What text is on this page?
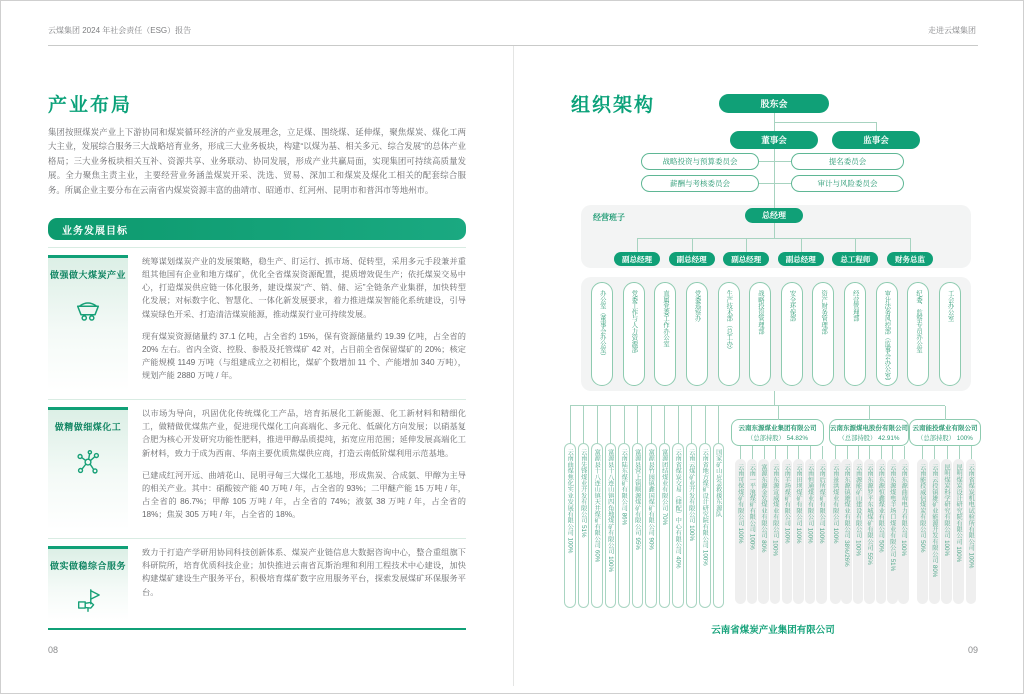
云煤集团 2024 年社会责任（ESG）报告	走进云煤集团
产业布局

集团按照煤炭产业上下游协同和煤炭循环经济的产业发展理念，立足煤、围绕煤、延伸煤，聚焦煤炭、煤化工两大主业，发展综合服务三大战略培育业务，形成三大业务板块，构建“以煤为基、相关多元、综合发展”的总体产业格局；三大业务板块相关互补、资源共享、业务联动、协同发展，形成产业共赢局面，实现集团可持续高质量发展。全力聚焦主责主业，主要经营业务涵盖煤炭开采、洗选、贸易、深加工和煤炭及煤化工相关的配套综合服务。所属企业主要分布在云南省内煤炭资源丰富的曲靖市、昭通市、红河州、昆明市和普洱市等地州市。

业务发展目标
做强做大煤炭产业

统筹谋划煤炭产业的发展策略，稳生产、盯运行、抓市场、促转型，采用多元手段兼并重组其他国有企业和地方煤矿，优化全省煤炭资源配置，提质增效促生产；依托煤炭交易中心，打造煤炭供应链一体化服务，建设煤炭“产、销、储、运”全链条产业集群，加快转型化发展；对标数字化、智慧化、一体化新发展要求，着力推进煤炭智能化系统建设，引导煤炭绿色开采、打造清洁煤炭能源，推动煤炭行业可持续发展。

现有煤炭资源储量约 37.1 亿吨，占全省约 15%，保有资源储量约 19.39 亿吨，占全省的 20% 左右。省内全资、控股、参股及托管煤矿 42 对，占目前全省保留煤矿的 20%；核定产能规模 1149 万吨（与组建成立之初相比，煤矿个数增加 11 个、产能增加 340 万吨），规划产能 2880 万吨 / 年。

做精做细煤化工

以市场为导向，巩固优化传统煤化工产品，培育拓展化工新能源、化工新材料和精细化工，做精做优煤焦产业，促进现代煤化工向高端化、多元化、低碳化方向发展；以硝基复合肥为核心开发研究功能性肥料，推进甲醇品质提纯，拓宽应用范围；延伸发展高端化工新材料，致力于成为西南、华南主要优质焦煤供应商，打造云南低阶煤利用示范基地。

已建成红河开远、曲靖花山、昆明寻甸三大煤化工基地，形成焦炭、合成氨、甲醇为主导的相关产业。其中：硝酸铵产能 40 万吨 / 年，占全省的 93%；二甲醚产能 15 万吨 / 年，占全省的 86.7%；甲醇 105 万吨 / 年，占全省的 74%；液氨 38 万吨 / 年，占全省的 18%；焦炭 305 万吨 / 年，占全省的 18%。

做实做稳综合服务

致力于打造产学研用协同科技创新体系、煤炭产业链信息大数据咨询中心，整合重组旗下科研院所，培育优质科技企业；加快推进云南省瓦斯治理和利用工程技术中心建设，加快构建煤矿建设生产服务平台，积极培育煤矿数字应用服务平台，探索发展煤矿环保服务平台。

08
组织架构	股东会
董事会	监事会
战略投资与预算委员会	提名委员会
薪酬与考核委员会	审计与风险委员会
经营班子	总经理
副总经理	副总经理	副总经理	副总经理	总工程师	财务总监
办公室（董事会办公室）	党委工作与人力资源部	直属党委工作办公室	党委巡察办	生产技术部（总工办）	战略投资管理部	安全环保部	资产财务管理部	经营管理部	审计法务风控部（监事会办公室）	纪委、监察专员办公室	工会办公室
云南曲煤焦化实业发展有限公司 100% 云南先锋煤业开发有限公司 51% 富源县十八连山镇天井煤矿有限公司 60% 富源县十八连山镇四角地煤矿有限公司 100% 云南陆东煤矿有限公司 86% 富源县营上镇顺源煤矿有限公司 95% 富源县竹园镇鑫国煤矿有限公司 90% 富源团结煤业有限公司 70% 云南省煤炭交易（储配）中心有限公司 40% 云南云煤矿业开发有限公司 100% 云南省地方煤矿设计研究院有限公司 100% 国家矿山应急救援东源队
云南东源煤业集团有限公司
（总部持股） 54.82%
云南东源煤电股份有限公司
（总部持股） 42.91%
云南能投煤业有限公司
（总部持股） 100%
云南可保煤矿有限公司 100% 云南一平浪煤矿有限公司 100% 富源东源金发煤业有限公司 80% 云南东源宣威煤业有限公司 100% 云南羊场煤矿有限公司 100% 云南田坝煤矿有限公司 100% 云南恒通煤业有限公司 100% 云南后所煤矿有限公司 100% 云南景洪煤业有限公司 100% 云南东源镇雄煤业有限公司 38%/26% 云南源能矿山建设有限公司 100% 云南东源罗平东城煤矿有限公司 55% 云南东源恒鑫煤业有限公司 50% 云南东源煤电羊场口煤业有限公司 51% 云南东源曲靖电力有限公司 100% 云南能投威信煤炭有限公司 50% 云南云投镇雄矿业能源开发有限公司 80% 昆明煤炭科学研究有限公司 100% 昆明煤炭设计研究院有限公司 100% 云南省煤炭机电试验所有限公司 100%
云南省煤炭产业集团有限公司
09
